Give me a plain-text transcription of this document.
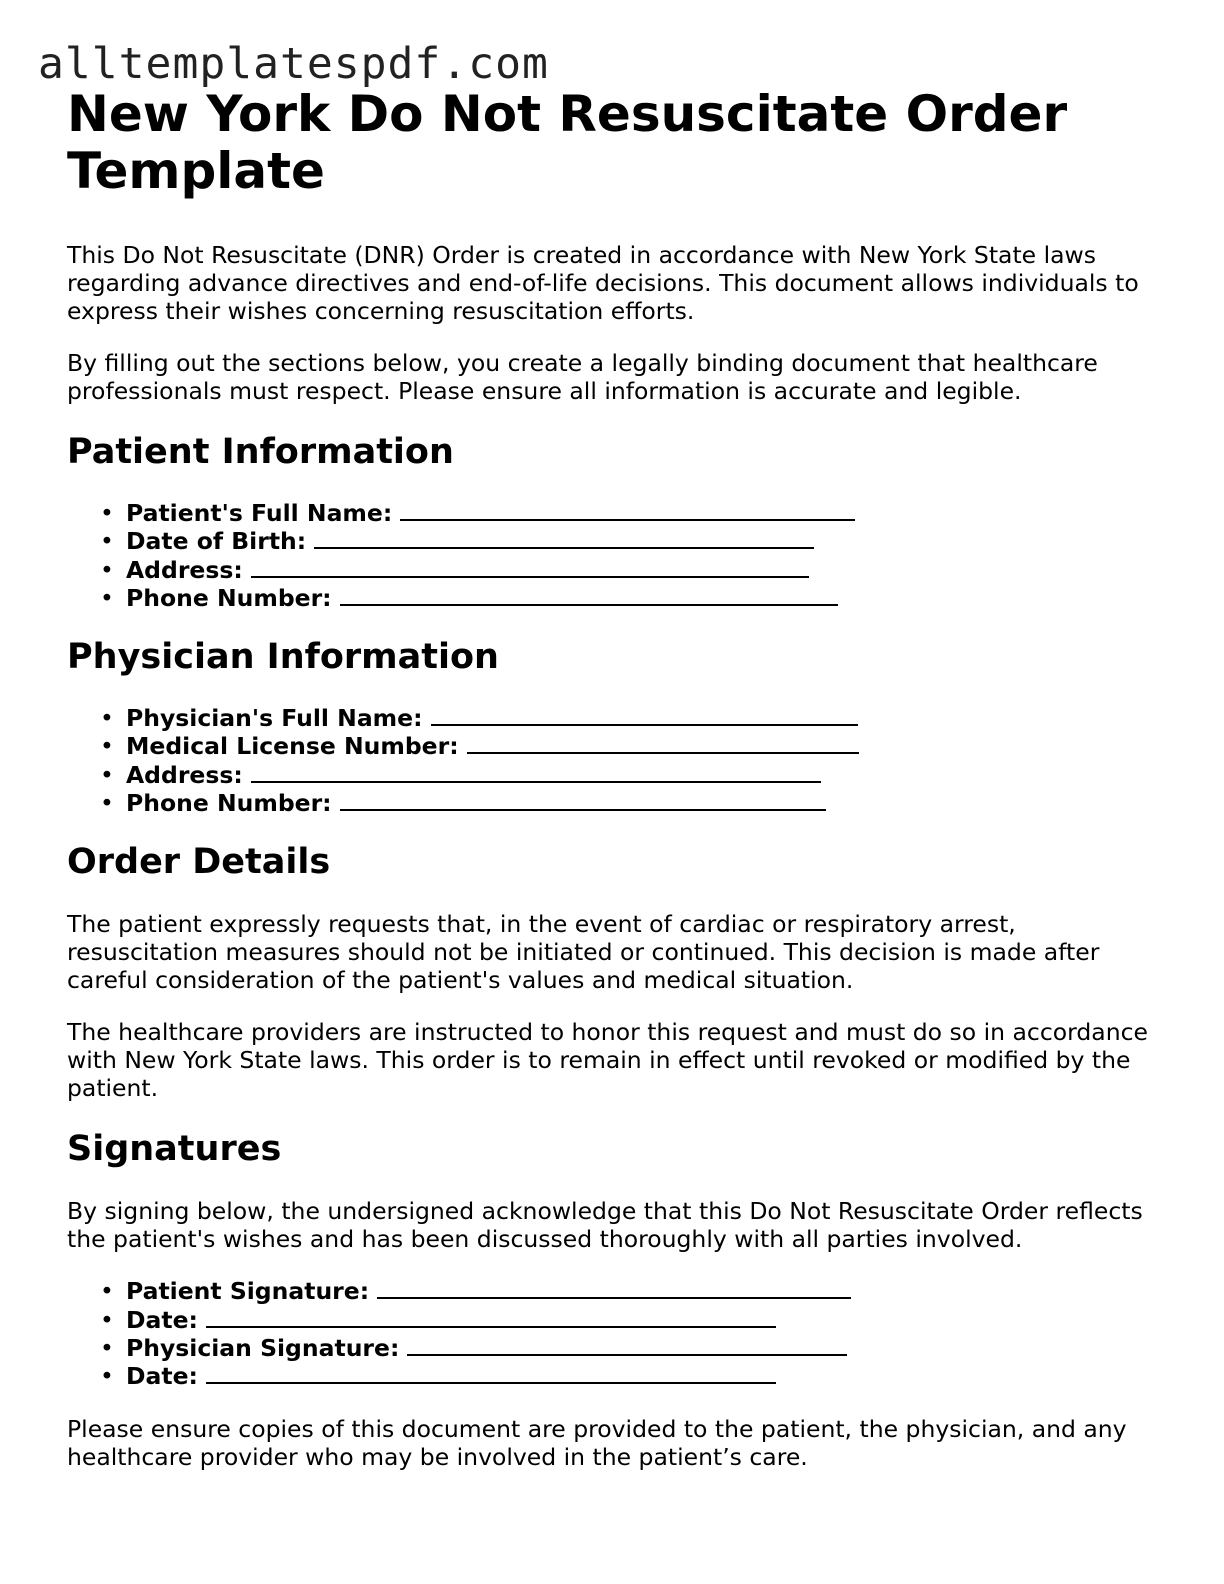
alltemplatespdf.com
New York Do Not Resuscitate Order Template

This Do Not Resuscitate (DNR) Order is created in accordance with New York State laws regarding advance directives and end-of-life decisions. This document allows individuals to express their wishes concerning resuscitation efforts.

By filling out the sections below, you create a legally binding document that healthcare professionals must respect. Please ensure all information is accurate and legible.

Patient Information
• Patient's Full Name:
• Date of Birth:
• Address:
• Phone Number:
Physician Information
• Physician's Full Name:
• Medical License Number:
• Address:
• Phone Number:
Order Details

The patient expressly requests that, in the event of cardiac or respiratory arrest, resuscitation measures should not be initiated or continued. This decision is made after careful consideration of the patient's values and medical situation.

The healthcare providers are instructed to honor this request and must do so in accordance with New York State laws. This order is to remain in effect until revoked or modified by the patient.

Signatures

By signing below, the undersigned acknowledge that this Do Not Resuscitate Order reflects the patient's wishes and has been discussed thoroughly with all parties involved.

• Patient Signature:
• Date:
• Physician Signature:
• Date:

Please ensure copies of this document are provided to the patient, the physician, and any healthcare provider who may be involved in the patient’s care.
